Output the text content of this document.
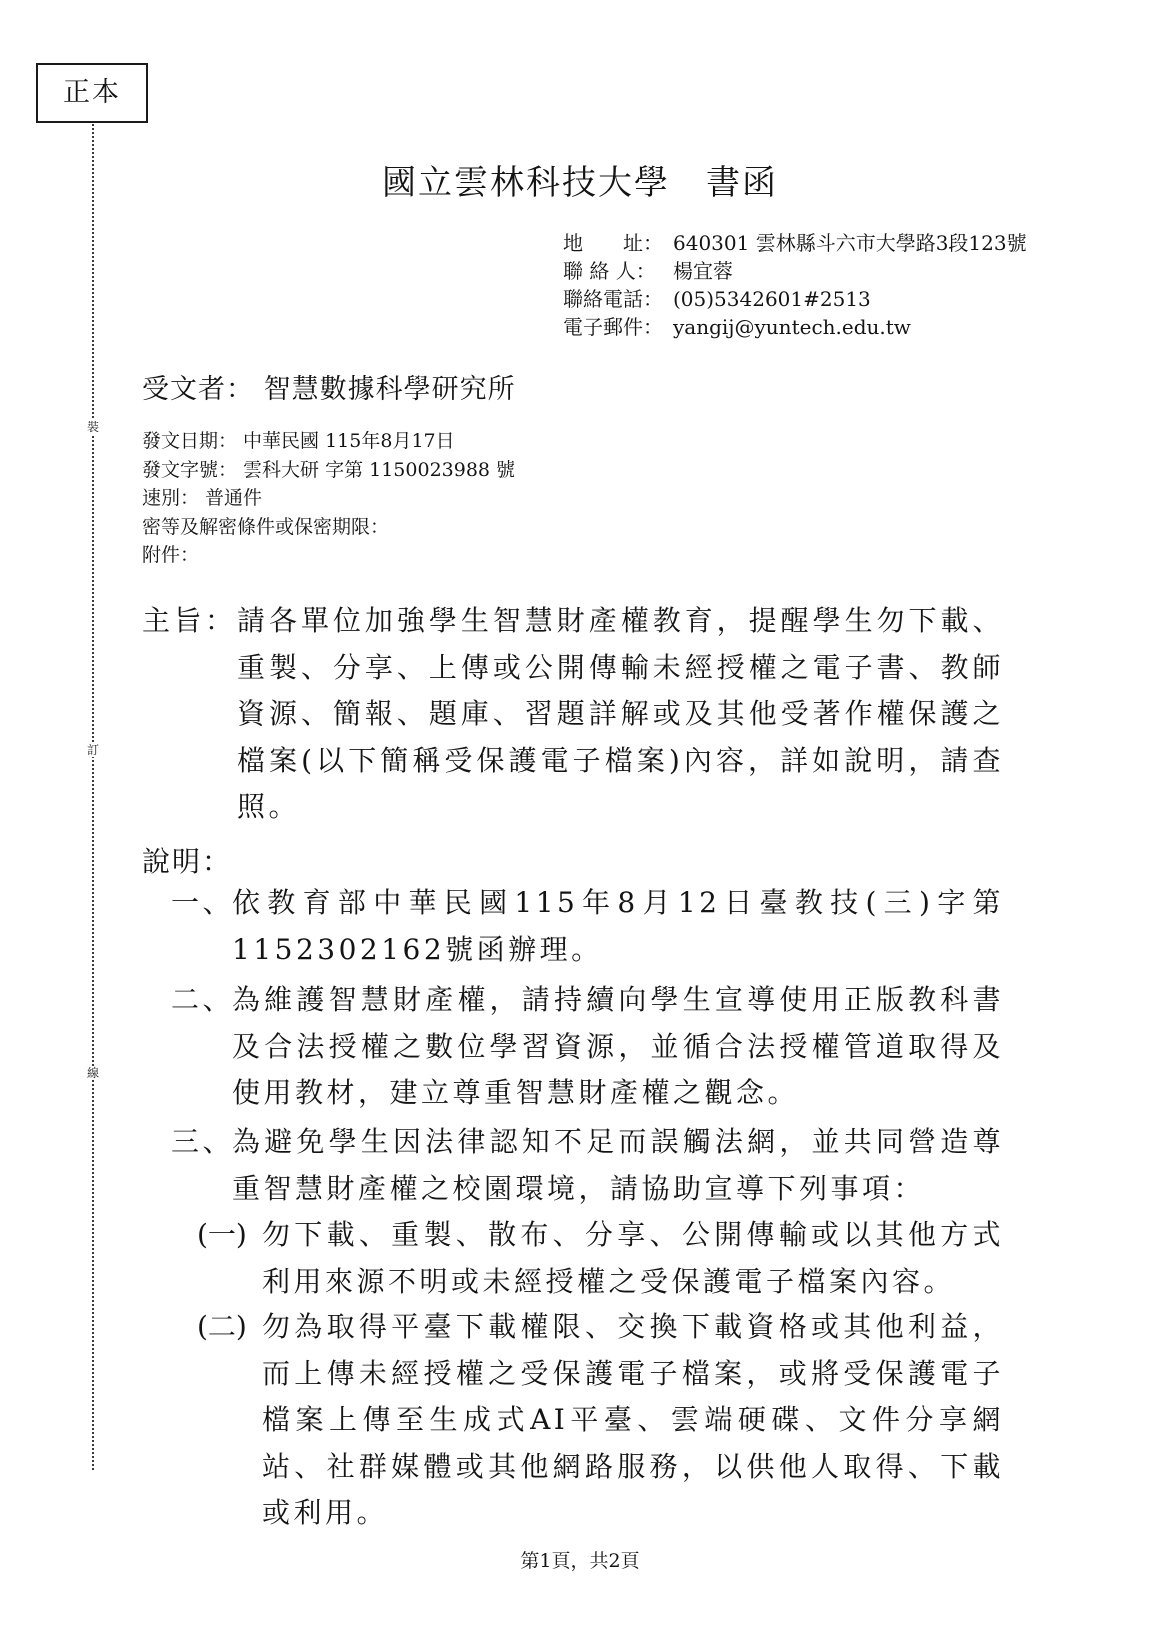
正本
裝
訂
線
國立雲林科技大學 書函
地　　址： 640301 雲林縣斗六市大學路3段123號
聯 絡 人： 楊宜蓉
聯絡電話： (05)5342601#2513
電子郵件： yangij@yuntech.edu.tw
受文者： 智慧數據科學研究所
發文日期： 中華民國 115年8月17日
發文字號： 雲科大研 字第 1150023988 號
速別： 普通件
密等及解密條件或保密期限：
附件：
主旨： 請各單位加強學生智慧財產權教育，提醒學生勿下載、重製、分享、上傳或公開傳輸未經授權之電子書、教師資源、簡報、題庫、習題詳解或及其他受著作權保護之檔案(以下簡稱受保護電子檔案)內容，詳如說明，請查照。
說明：
一、
依教育部中華民國115年8月12日臺教技(三)字第1152302162號函辦理。
二、
為維護智慧財產權，請持續向學生宣導使用正版教科書及合法授權之數位學習資源，並循合法授權管道取得及使用教材，建立尊重智慧財產權之觀念。
三、
為避免學生因法律認知不足而誤觸法網，並共同營造尊重智慧財產權之校園環境，請協助宣導下列事項：
(一) 勿下載、重製、散布、分享、公開傳輸或以其他方式利用來源不明或未經授權之受保護電子檔案內容。
(二) 勿為取得平臺下載權限、交換下載資格或其他利益，而上傳未經授權之受保護電子檔案，或將受保護電子檔案上傳至生成式AI平臺、雲端硬碟、文件分享網站、社群媒體或其他網路服務，以供他人取得、下載或利用。
第1頁，共2頁
